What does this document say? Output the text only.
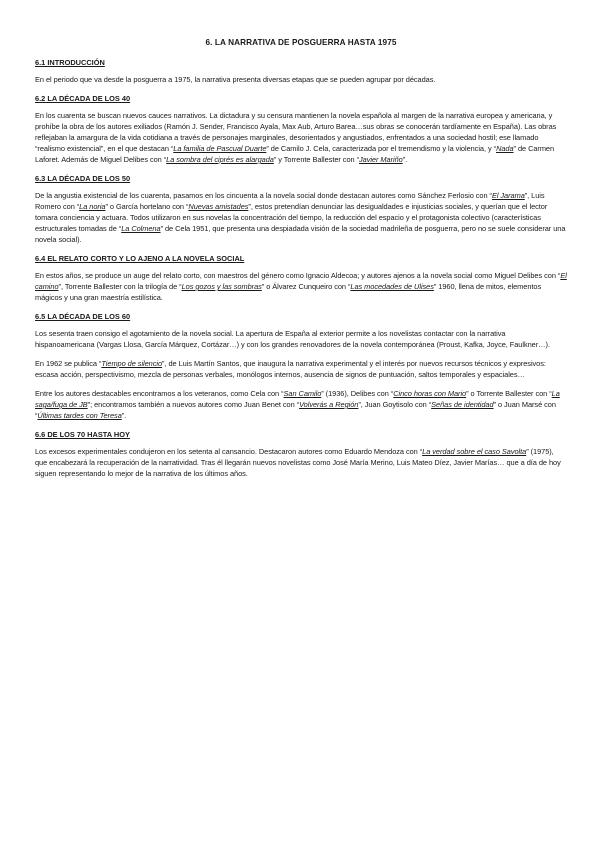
6. LA NARRATIVA DE POSGUERRA HASTA 1975
6.1 INTRODUCCIÓN

En el periodo que va desde la posguerra a 1975, la narrativa presenta diversas etapas que se pueden agrupar por décadas.

6.2 LA DÉCADA DE LOS 40

En los cuarenta se buscan nuevos cauces narrativos. La dictadura y su censura mantienen la novela española al margen de la narrativa europea y americana, y prohíbe la obra de los autores exiliados (Ramón J. Sender, Francisco Ayala, Max Aub, Arturo Barea…sus obras se conocerán tardíamente en España). Las obras reflejaban la amargura de la vida cotidiana a través de personajes marginales, desorientados y angustiados, enfrentados a una sociedad hostil; ese llamado “realismo existencial”, en el que destacan “La familia de Pascual Duarte” de Camilo J. Cela, caracterizada por el tremendismo y la violencia, y “Nada” de Carmen Laforet. Además de Miguel Delibes con “La sombra del ciprés es alargada” y Torrente Ballester con “Javier Mariño”.

6.3 LA DÉCADA DE LOS 50

De la angustia existencial de los cuarenta, pasamos en los cincuenta a la novela social donde destacan autores como Sánchez Ferlosio con “El Jarama”, Luis Romero con “La noria” o García hortelano con “Nuevas amistades”, estos pretendían denunciar las desigualdades e injusticias sociales, y querían que el lector tomara conciencia y actuara. Todos utilizaron en sus novelas la concentración del tiempo, la reducción del espacio y el protagonista colectivo (características estructurales tomadas de “La Colmena” de Cela 1951, que presenta una despiadada visión de la sociedad madrileña de posguerra, pero no se suele considerar una novela social).

6.4 EL RELATO CORTO Y LO AJENO A LA NOVELA SOCIAL

En estos años, se produce un auge del relato corto, con maestros del género como Ignacio Aldecoa; y autores ajenos a la novela social como Miguel Delibes con “El camino”, Torrente Ballester con la trilogía de “Los gozos y las sombras” o Álvarez Cunqueiro con “Las mocedades de Ulises” 1960, llena de mitos, elementos mágicos y una gran maestría estilística.

6.5 LA DÉCADA DE LOS 60

Los sesenta traen consigo el agotamiento de la novela social. La apertura de España al exterior permite a los novelistas contactar con la narrativa hispanoamericana (Vargas Llosa, García Márquez, Cortázar…) y con los grandes renovadores de la novela contemporánea (Proust, Kafka, Joyce, Faulkner…).

En 1962 se publica “Tiempo de silencio”, de Luis Martín Santos, que inaugura la narrativa experimental y el interés por nuevos recursos técnicos y expresivos: escasa acción, perspectivismo, mezcla de personas verbales, monólogos internos, ausencia de signos de puntuación, saltos temporales y espaciales…

Entre los autores destacables encontramos a los veteranos, como Cela con “San Camilo” (1936), Delibes con “Cinco horas con Mario” o Torrente Ballester con “La saga/fuga de JB”; encontramos también a nuevos autores como Juan Benet con “Volverás a Región”, Juan Goytisolo con “Señas de identidad” o Juan Marsé con “Últimas tardes con Teresa”.

6.6 DE LOS 70 HASTA HOY

Los excesos experimentales condujeron en los setenta al cansancio. Destacaron autores como Eduardo Mendoza con “La verdad sobre el caso Savolta” (1975), que encabezará la recuperación de la narratividad. Tras él llegarán nuevos novelistas como José María Merino, Luis Mateo Díez, Javier Marías… que a día de hoy siguen representando lo mejor de la narrativa de los últimos años.
